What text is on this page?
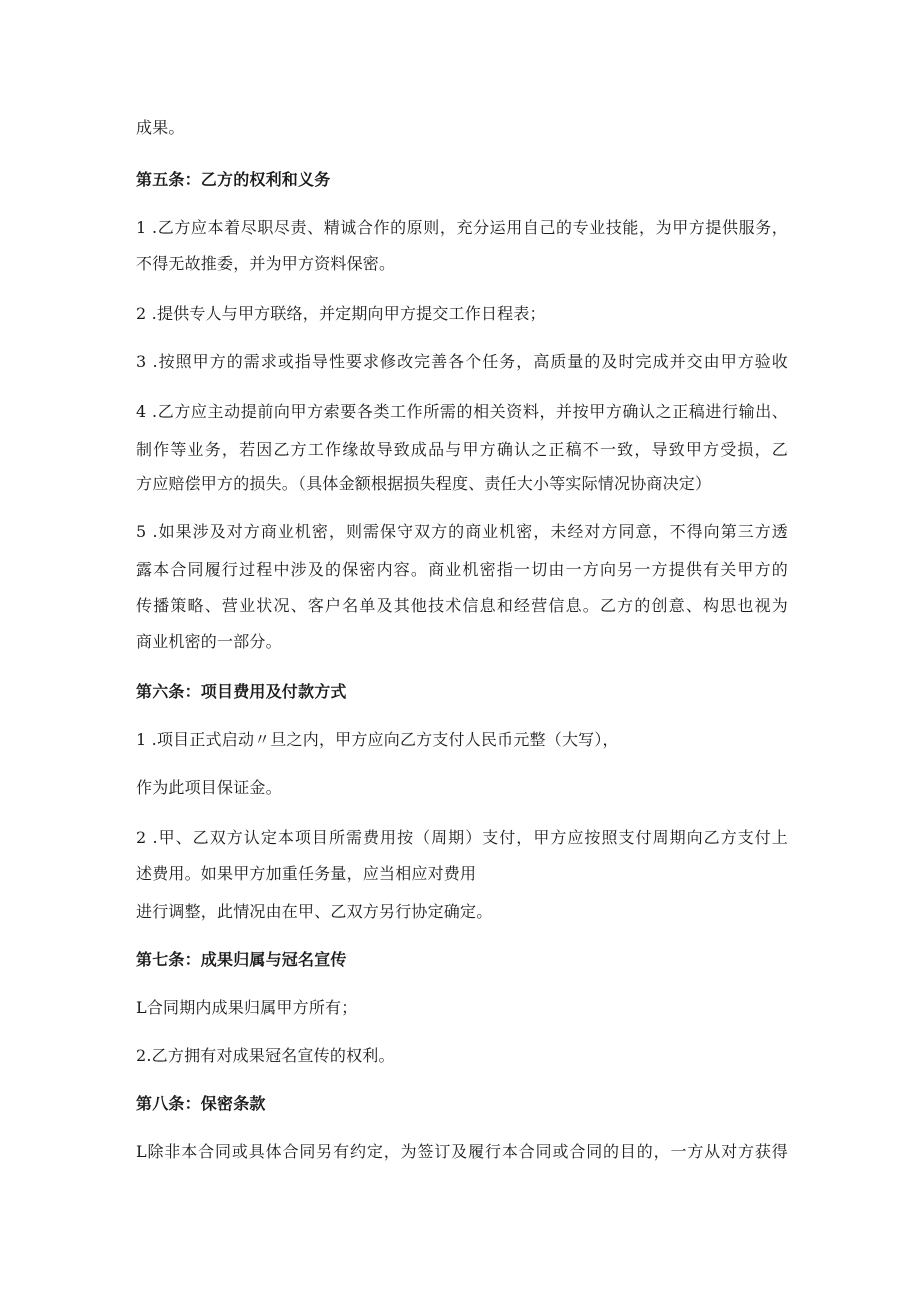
成果。
第五条：乙方的权利和义务
1 .乙方应本着尽职尽责、精诚合作的原则，充分运用自己的专业技能，为甲方提供服务，
不得无故推委，并为甲方资料保密。
2 .提供专人与甲方联络，并定期向甲方提交工作日程表；
3 .按照甲方的需求或指导性要求修改完善各个任务，高质量的及时完成并交由甲方验收
4 .乙方应主动提前向甲方索要各类工作所需的相关资料，并按甲方确认之正稿进行输出、
制作等业务，若因乙方工作缘故导致成品与甲方确认之正稿不一致，导致甲方受损，乙
方应赔偿甲方的损失。（具体金额根据损失程度、责任大小等实际情况协商决定）
5 .如果涉及对方商业机密，则需保守双方的商业机密，未经对方同意，不得向第三方透
露本合同履行过程中涉及的保密内容。商业机密指一切由一方向另一方提供有关甲方的
传播策略、营业状况、客户名单及其他技术信息和经营信息。乙方的创意、构思也视为
商业机密的一部分。
第六条：项目费用及付款方式
1 .项目正式启动〃旦之内，甲方应向乙方支付人民币元整（大写），
作为此项目保证金。
2 .甲、乙双方认定本项目所需费用按（周期）支付，甲方应按照支付周期向乙方支付上
述费用。如果甲方加重任务量，应当相应对费用
进行调整，此情况由在甲、乙双方另行协定确定。
第七条：成果归属与冠名宣传
L合同期内成果归属甲方所有；
2.乙方拥有对成果冠名宣传的权利。
第八条：保密条款
L除非本合同或具体合同另有约定，为签订及履行本合同或合同的目的，一方从对方获得
